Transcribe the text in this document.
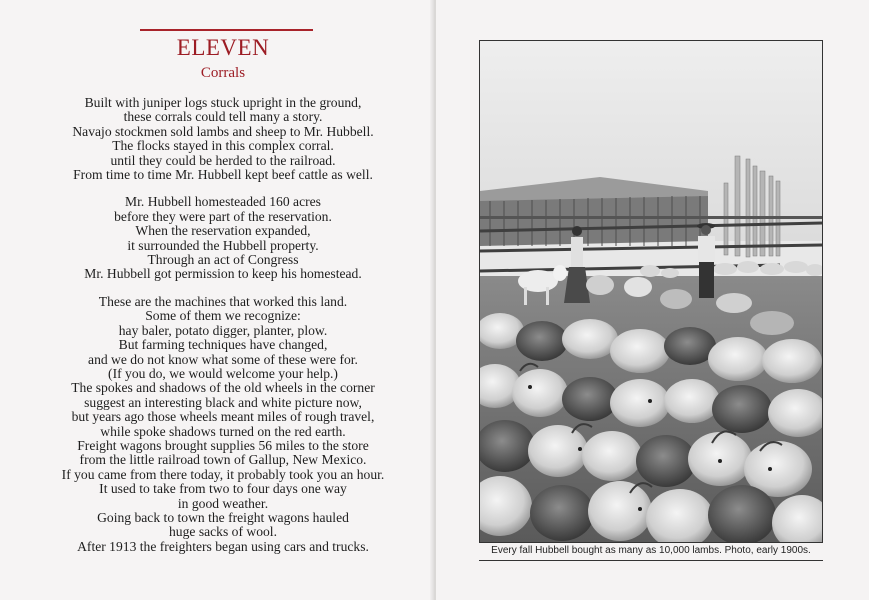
ELEVEN
Corrals
Built with juniper logs stuck upright in the ground,
these corrals could tell many a story.
Navajo stockmen sold lambs and sheep to Mr. Hubbell.
The flocks stayed in this complex corral.
until they could be herded to the railroad.
From time to time Mr. Hubbell kept beef cattle as well.
Mr. Hubbell homesteaded 160 acres
before they were part of the reservation.
When the reservation expanded,
it surrounded the Hubbell property.
Through an act of Congress
Mr. Hubbell got permission to keep his homestead.
These are the machines that worked this land.
Some of them we recognize:
hay baler, potato digger, planter, plow.
But farming techniques have changed,
and we do not know what some of these were for.
(If you do, we would welcome your help.)
The spokes and shadows of the old wheels in the corner
suggest an interesting black and white picture now,
but years ago those wheels meant miles of rough travel,
while spoke shadows turned on the red earth.
Freight wagons brought supplies 56 miles to the store
from the little railroad town of Gallup, New Mexico.
If you came from there today, it probably took you an hour.
It used to take from two to four days one way
in good weather.
Going back to town the freight wagons hauled
huge sacks of wool.
After 1913 the freighters began using cars and trucks.	Every fall Hubbell bought as many as 10,000 lambs. Photo, early 1900s.
